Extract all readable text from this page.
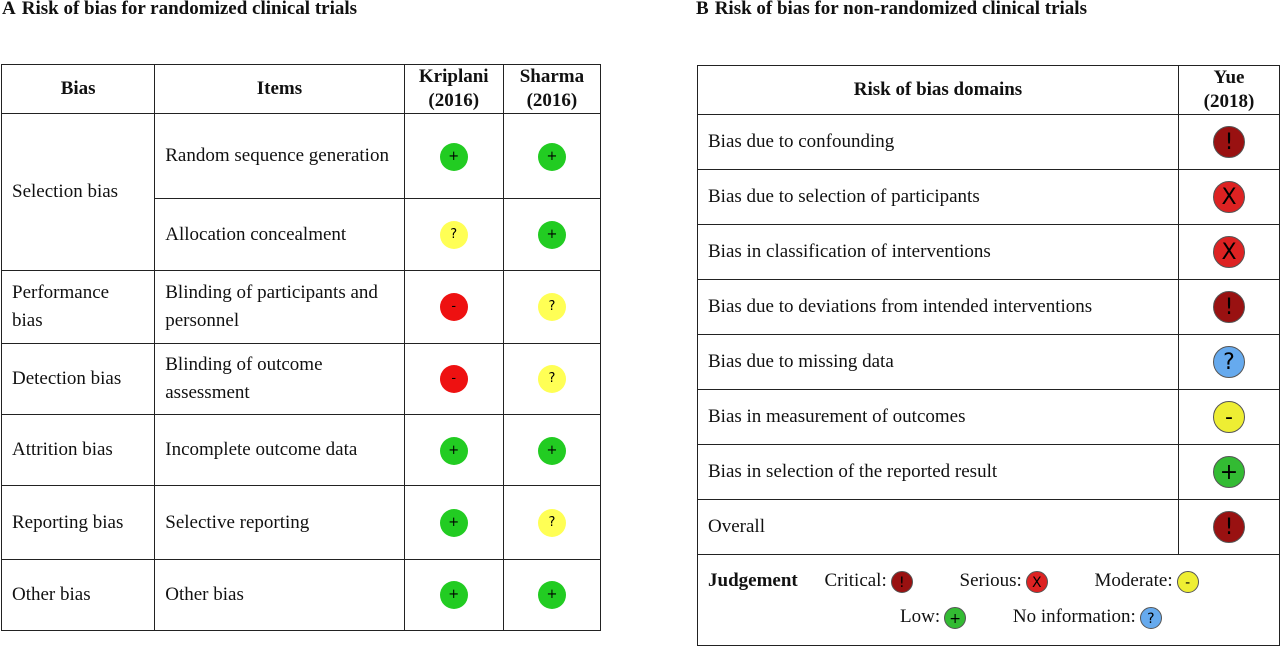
A Risk of bias for randomized clinical trials	B Risk of bias for non-randomized clinical trials
Bias	Items	Kriplani (2016)	Sharma (2016)
Selection bias	Random sequence generation	+	+
	Allocation concealment	?	+
Performance bias	Blinding of participants and personnel	-	?
Detection bias	Blinding of outcome assessment	-	?
Attrition bias	Incomplete outcome data	+	+
Reporting bias	Selective reporting	+	?
Other bias	Other bias	+	+
Risk of bias domains	Yue (2018)
Bias due to confounding	!
Bias due to selection of participants	X
Bias in classification of interventions	X
Bias due to deviations from intended interventions	!
Bias due to missing data	?
Bias in measurement of outcomes	-
Bias in selection of the reported result	+
Overall	!

Judgement Critical: ! Serious: X Moderate: -
Low: + No information: ?	
